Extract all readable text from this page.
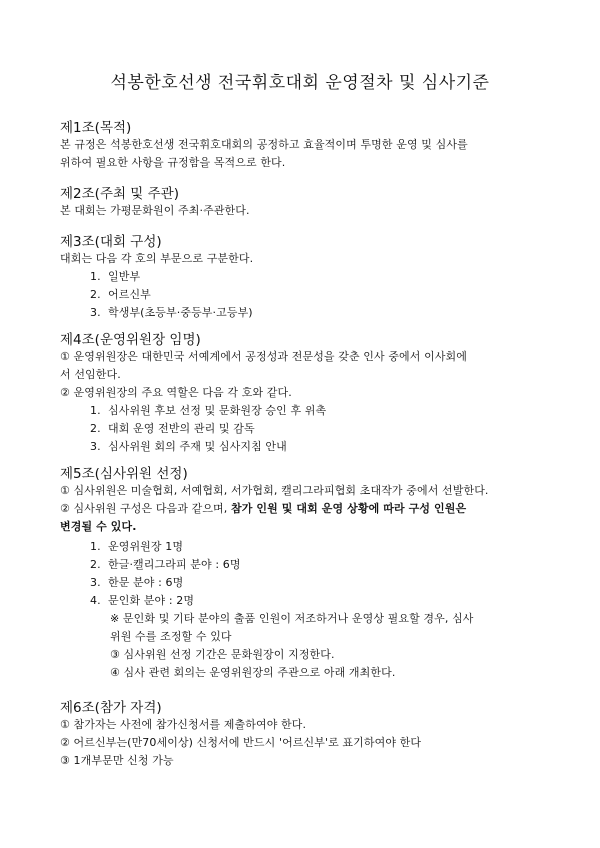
석봉한호선생 전국휘호대회 운영절차 및 심사기준
제1조(목적)
본 규정은 석봉한호선생 전국휘호대회의 공정하고 효율적이며 투명한 운영 및 심사를
위하여 필요한 사항을 규정함을 목적으로 한다.
제2조(주최 및 주관)
본 대회는 가평문화원이 주최·주관한다.
제3조(대회 구성)
대회는 다음 각 호의 부문으로 구분한다.
1. 일반부
2. 어르신부
3. 학생부(초등부·중등부·고등부)
제4조(운영위원장 임명)
① 운영위원장은 대한민국 서예계에서 공정성과 전문성을 갖춘 인사 중에서 이사회에
서 선임한다.
② 운영위원장의 주요 역할은 다음 각 호와 같다.
1. 심사위원 후보 선정 및 문화원장 승인 후 위촉
2. 대회 운영 전반의 관리 및 감독
3. 심사위원 회의 주재 및 심사지침 안내
제5조(심사위원 선정)
① 심사위원은 미술협회, 서예협회, 서가협회, 캘리그라피협회 초대작가 중에서 선발한다.
② 심사위원 구성은 다음과 같으며, 참가 인원 및 대회 운영 상황에 따라 구성 인원은
변경될 수 있다.
1. 운영위원장 1명
2. 한글·캘리그라피 분야 : 6명
3. 한문 분야 : 6명
4. 문인화 분야 : 2명
※ 문인화 및 기타 분야의 출품 인원이 저조하거나 운영상 필요할 경우, 심사
위원 수를 조정할 수 있다
③ 심사위원 선정 기간은 문화원장이 지정한다.
④ 심사 관련 회의는 운영위원장의 주관으로 아래 개최한다.
제6조(참가 자격)
① 참가자는 사전에 참가신청서를 제출하여야 한다.
② 어르신부는(만70세이상) 신청서에 반드시 '어르신부'로 표기하여야 한다
③ 1개부문만 신청 가능
